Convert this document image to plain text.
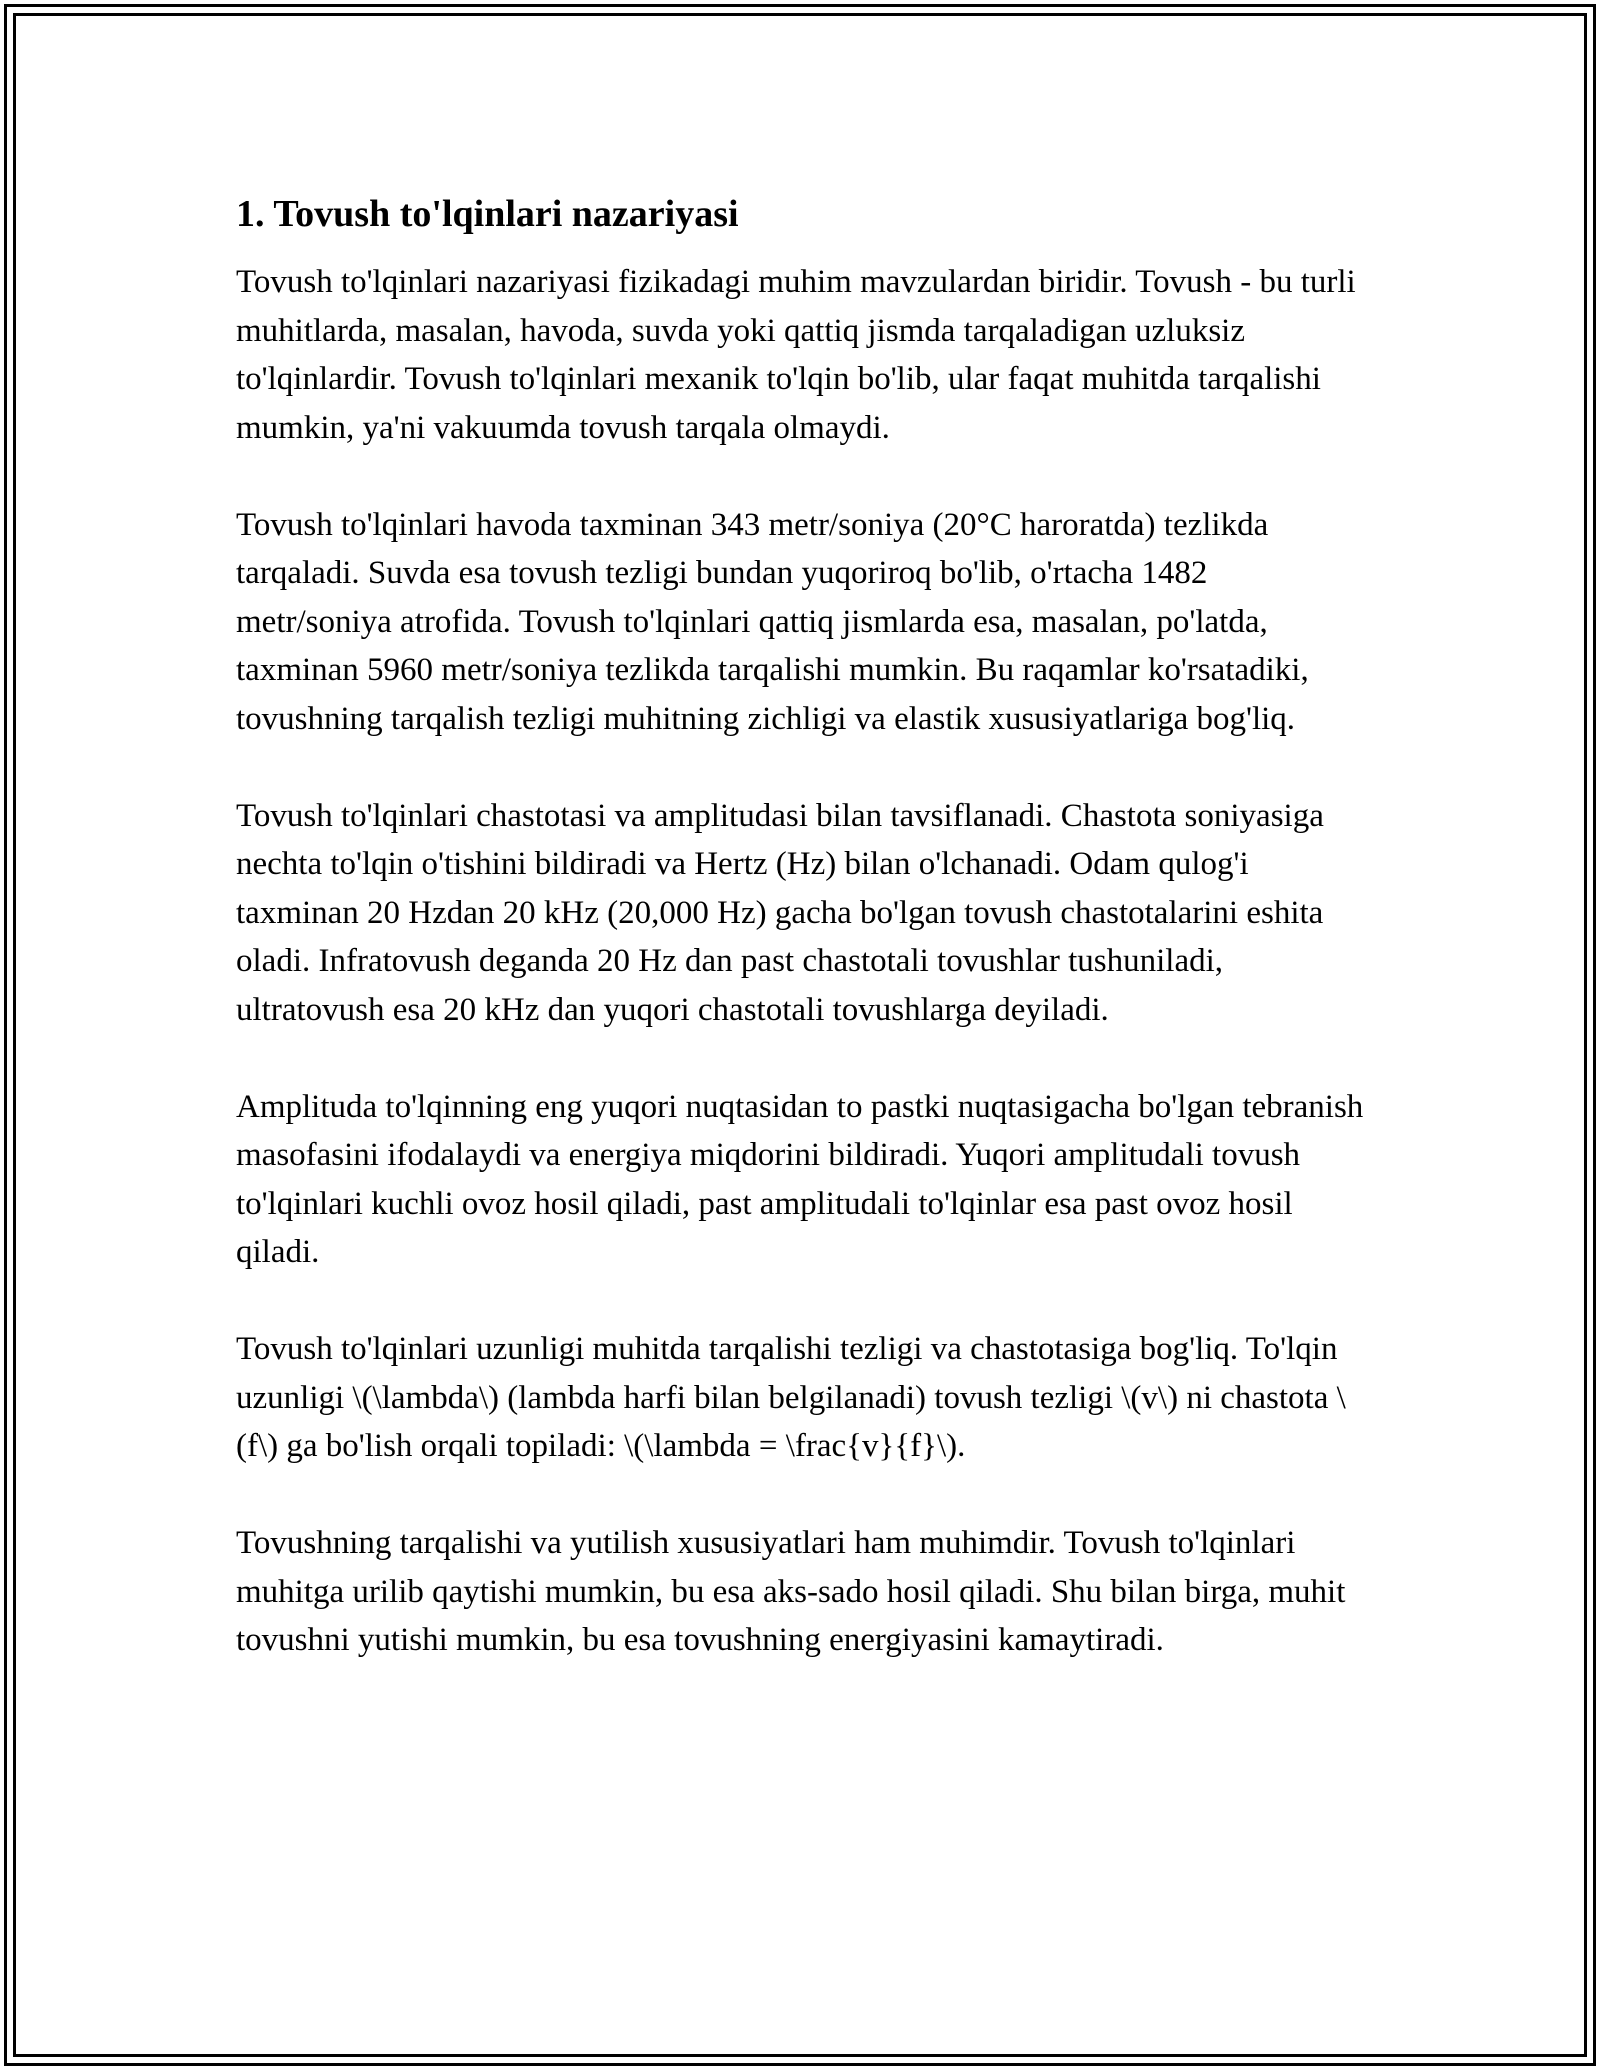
1. Tovush to'lqinlari nazariyasi

Tovush to'lqinlari nazariyasi fizikadagi muhim mavzulardan biridir. Tovush - bu turli muhitlarda, masalan, havoda, suvda yoki qattiq jismda tarqaladigan uzluksiz to'lqinlardir. Tovush to'lqinlari mexanik to'lqin bo'lib, ular faqat muhitda tarqalishi mumkin, ya'ni vakuumda tovush tarqala olmaydi.

Tovush to'lqinlari havoda taxminan 343 metr/soniya (20°C haroratda) tezlikda tarqaladi. Suvda esa tovush tezligi bundan yuqoriroq bo'lib, o'rtacha 1482 metr/soniya atrofida. Tovush to'lqinlari qattiq jismlarda esa, masalan, po'latda, taxminan 5960 metr/soniya tezlikda tarqalishi mumkin. Bu raqamlar ko'rsatadiki, tovushning tarqalish tezligi muhitning zichligi va elastik xususiyatlariga bog'liq.

Tovush to'lqinlari chastotasi va amplitudasi bilan tavsiflanadi. Chastota soniyasiga nechta to'lqin o'tishini bildiradi va Hertz (Hz) bilan o'lchanadi. Odam qulog'i taxminan 20 Hzdan 20 kHz (20,000 Hz) gacha bo'lgan tovush chastotalarini eshita oladi. Infratovush deganda 20 Hz dan past chastotali tovushlar tushuniladi, ultratovush esa 20 kHz dan yuqori chastotali tovushlarga deyiladi.

Amplituda to'lqinning eng yuqori nuqtasidan to pastki nuqtasigacha bo'lgan tebranish masofasini ifodalaydi va energiya miqdorini bildiradi. Yuqori amplitudali tovush to'lqinlari kuchli ovoz hosil qiladi, past amplitudali to'lqinlar esa past ovoz hosil qiladi.

Tovush to'lqinlari uzunligi muhitda tarqalishi tezligi va chastotasiga bog'liq. To'lqin uzunligi \(\lambda\) (lambda harfi bilan belgilanadi) tovush tezligi \(v\) ni chastota \(f\) ga bo'lish orqali topiladi: \(\lambda = \frac{v}{f}\).

Tovushning tarqalishi va yutilish xususiyatlari ham muhimdir. Tovush to'lqinlari muhitga urilib qaytishi mumkin, bu esa aks-sado hosil qiladi. Shu bilan birga, muhit tovushni yutishi mumkin, bu esa tovushning energiyasini kamaytiradi.
